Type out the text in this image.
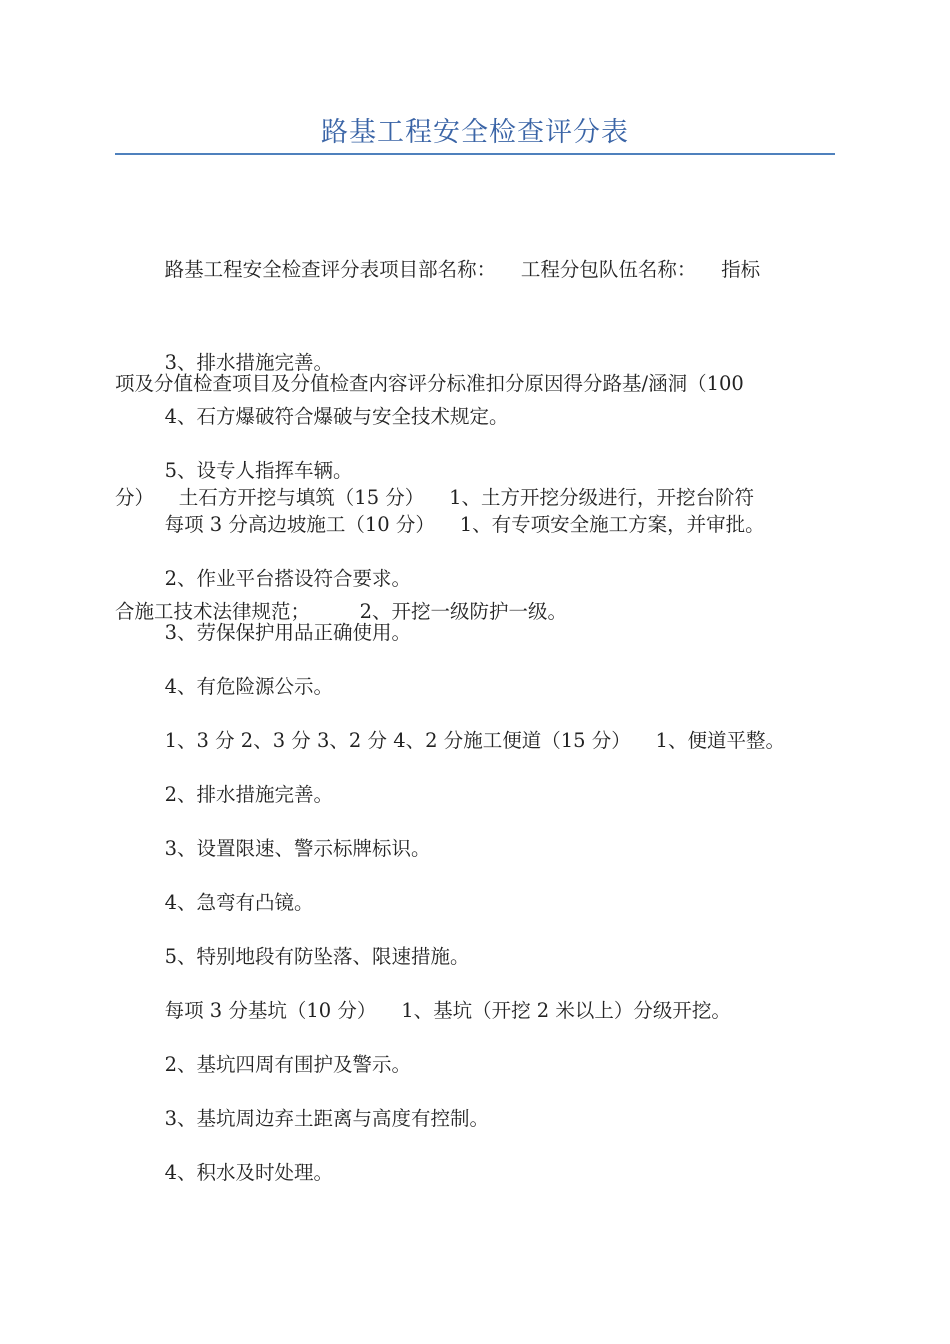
路基工程安全检查评分表

路基工程安全检查评分表项目部名称：    工程分包队伍名称：    指标

项及分值检查项目及分值检查内容评分标准扣分原因得分路基/涵洞（100

分）    土石方开挖与填筑（15 分）    1、土方开挖分级进行，开挖台阶符

合施工技术法律规范；        2、开挖一级防护一级。

3、排水措施完善。
4、石方爆破符合爆破与安全技术规定。
5、设专人指挥车辆。
每项 3 分高边坡施工（10 分）    1、有专项安全施工方案，并审批。
2、作业平台搭设符合要求。
3、劳保保护用品正确使用。
4、有危险源公示。
1、3 分 2、3 分 3、2 分 4、2 分施工便道（15 分）    1、便道平整。
2、排水措施完善。
3、设置限速、警示标牌标识。
4、急弯有凸镜。
5、特别地段有防坠落、限速措施。
每项 3 分基坑（10 分）    1、基坑（开挖 2 米以上）分级开挖。
2、基坑四周有围护及警示。
3、基坑周边弃土距离与高度有控制。
4、积水及时处理。
